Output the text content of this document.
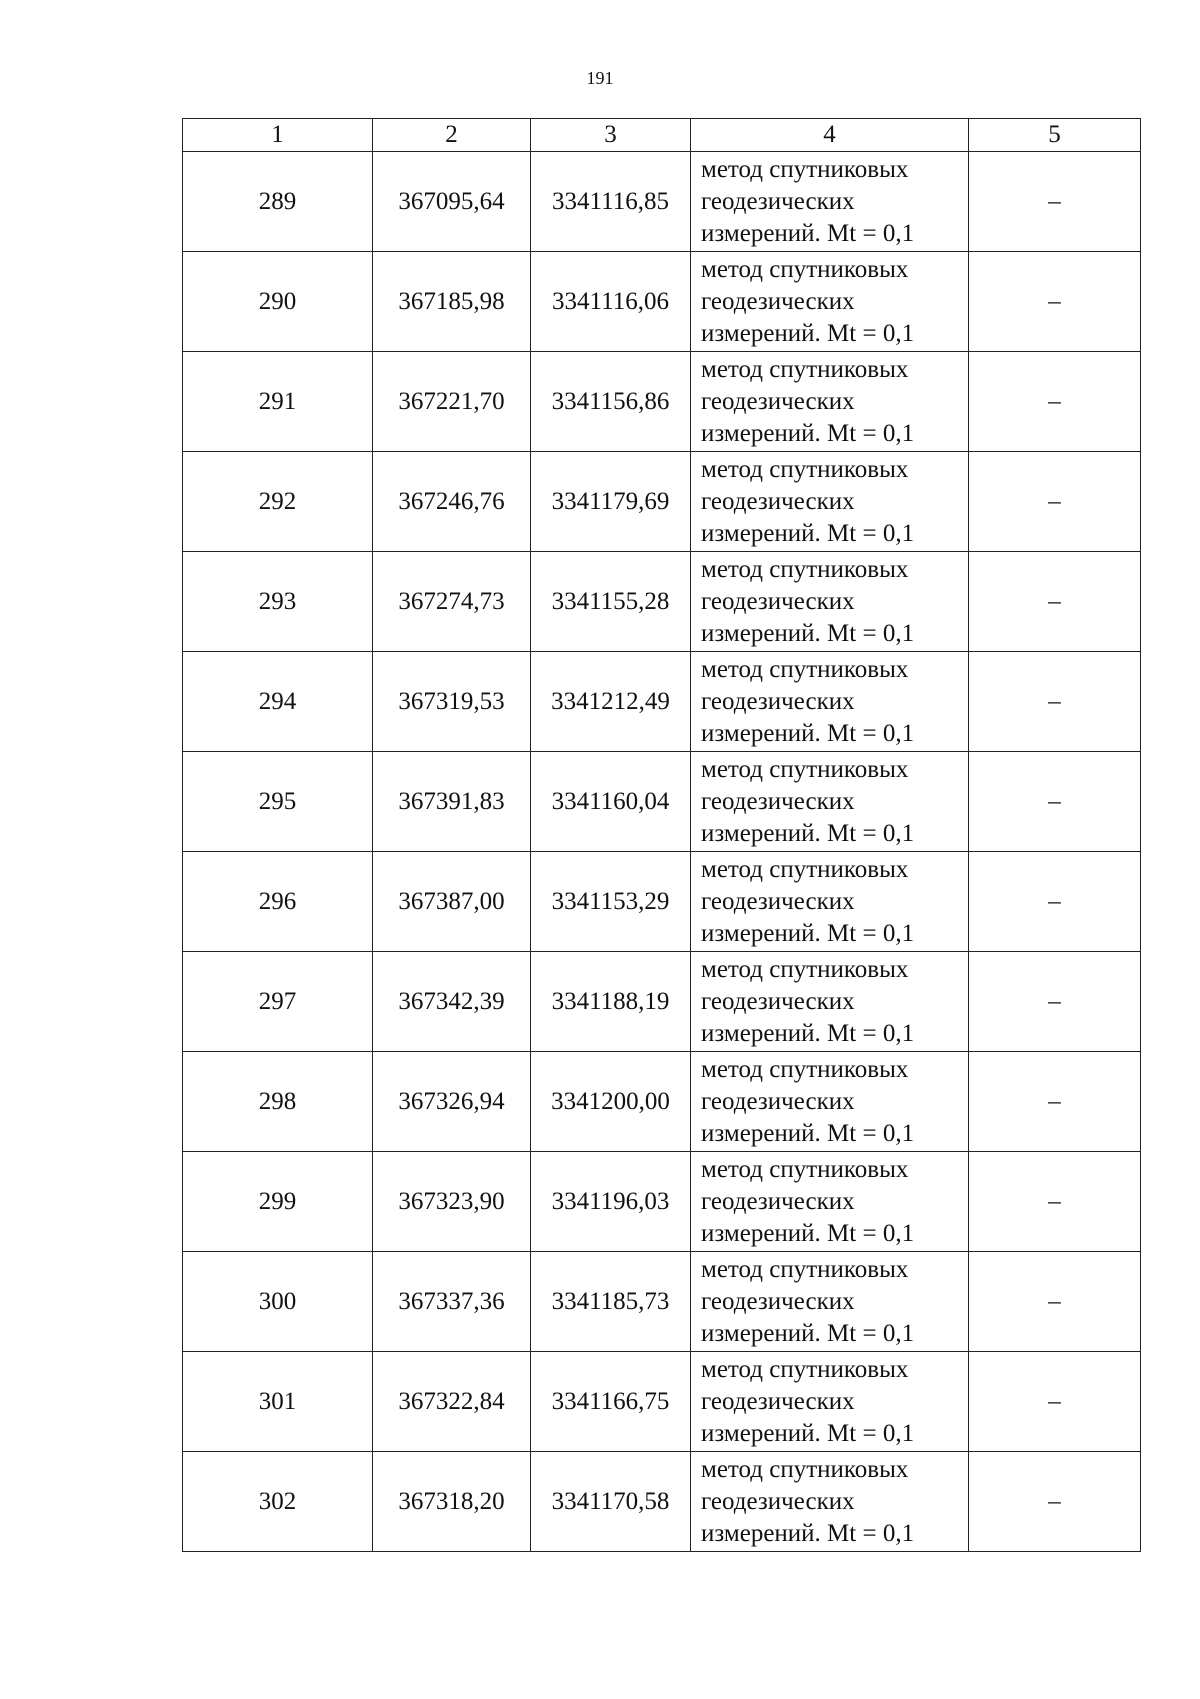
191
1	2	3	4	5
289	367095,64	3341116,85	метод спутниковых
геодезических
измерений. Mt = 0,1	–
290	367185,98	3341116,06	метод спутниковых
геодезических
измерений. Mt = 0,1	–
291	367221,70	3341156,86	метод спутниковых
геодезических
измерений. Mt = 0,1	–
292	367246,76	3341179,69	метод спутниковых
геодезических
измерений. Mt = 0,1	–
293	367274,73	3341155,28	метод спутниковых
геодезических
измерений. Mt = 0,1	–
294	367319,53	3341212,49	метод спутниковых
геодезических
измерений. Mt = 0,1	–
295	367391,83	3341160,04	метод спутниковых
геодезических
измерений. Mt = 0,1	–
296	367387,00	3341153,29	метод спутниковых
геодезических
измерений. Mt = 0,1	–
297	367342,39	3341188,19	метод спутниковых
геодезических
измерений. Mt = 0,1	–
298	367326,94	3341200,00	метод спутниковых
геодезических
измерений. Mt = 0,1	–
299	367323,90	3341196,03	метод спутниковых
геодезических
измерений. Mt = 0,1	–
300	367337,36	3341185,73	метод спутниковых
геодезических
измерений. Mt = 0,1	–
301	367322,84	3341166,75	метод спутниковых
геодезических
измерений. Mt = 0,1	–
302	367318,20	3341170,58	метод спутниковых
геодезических
измерений. Mt = 0,1	–
